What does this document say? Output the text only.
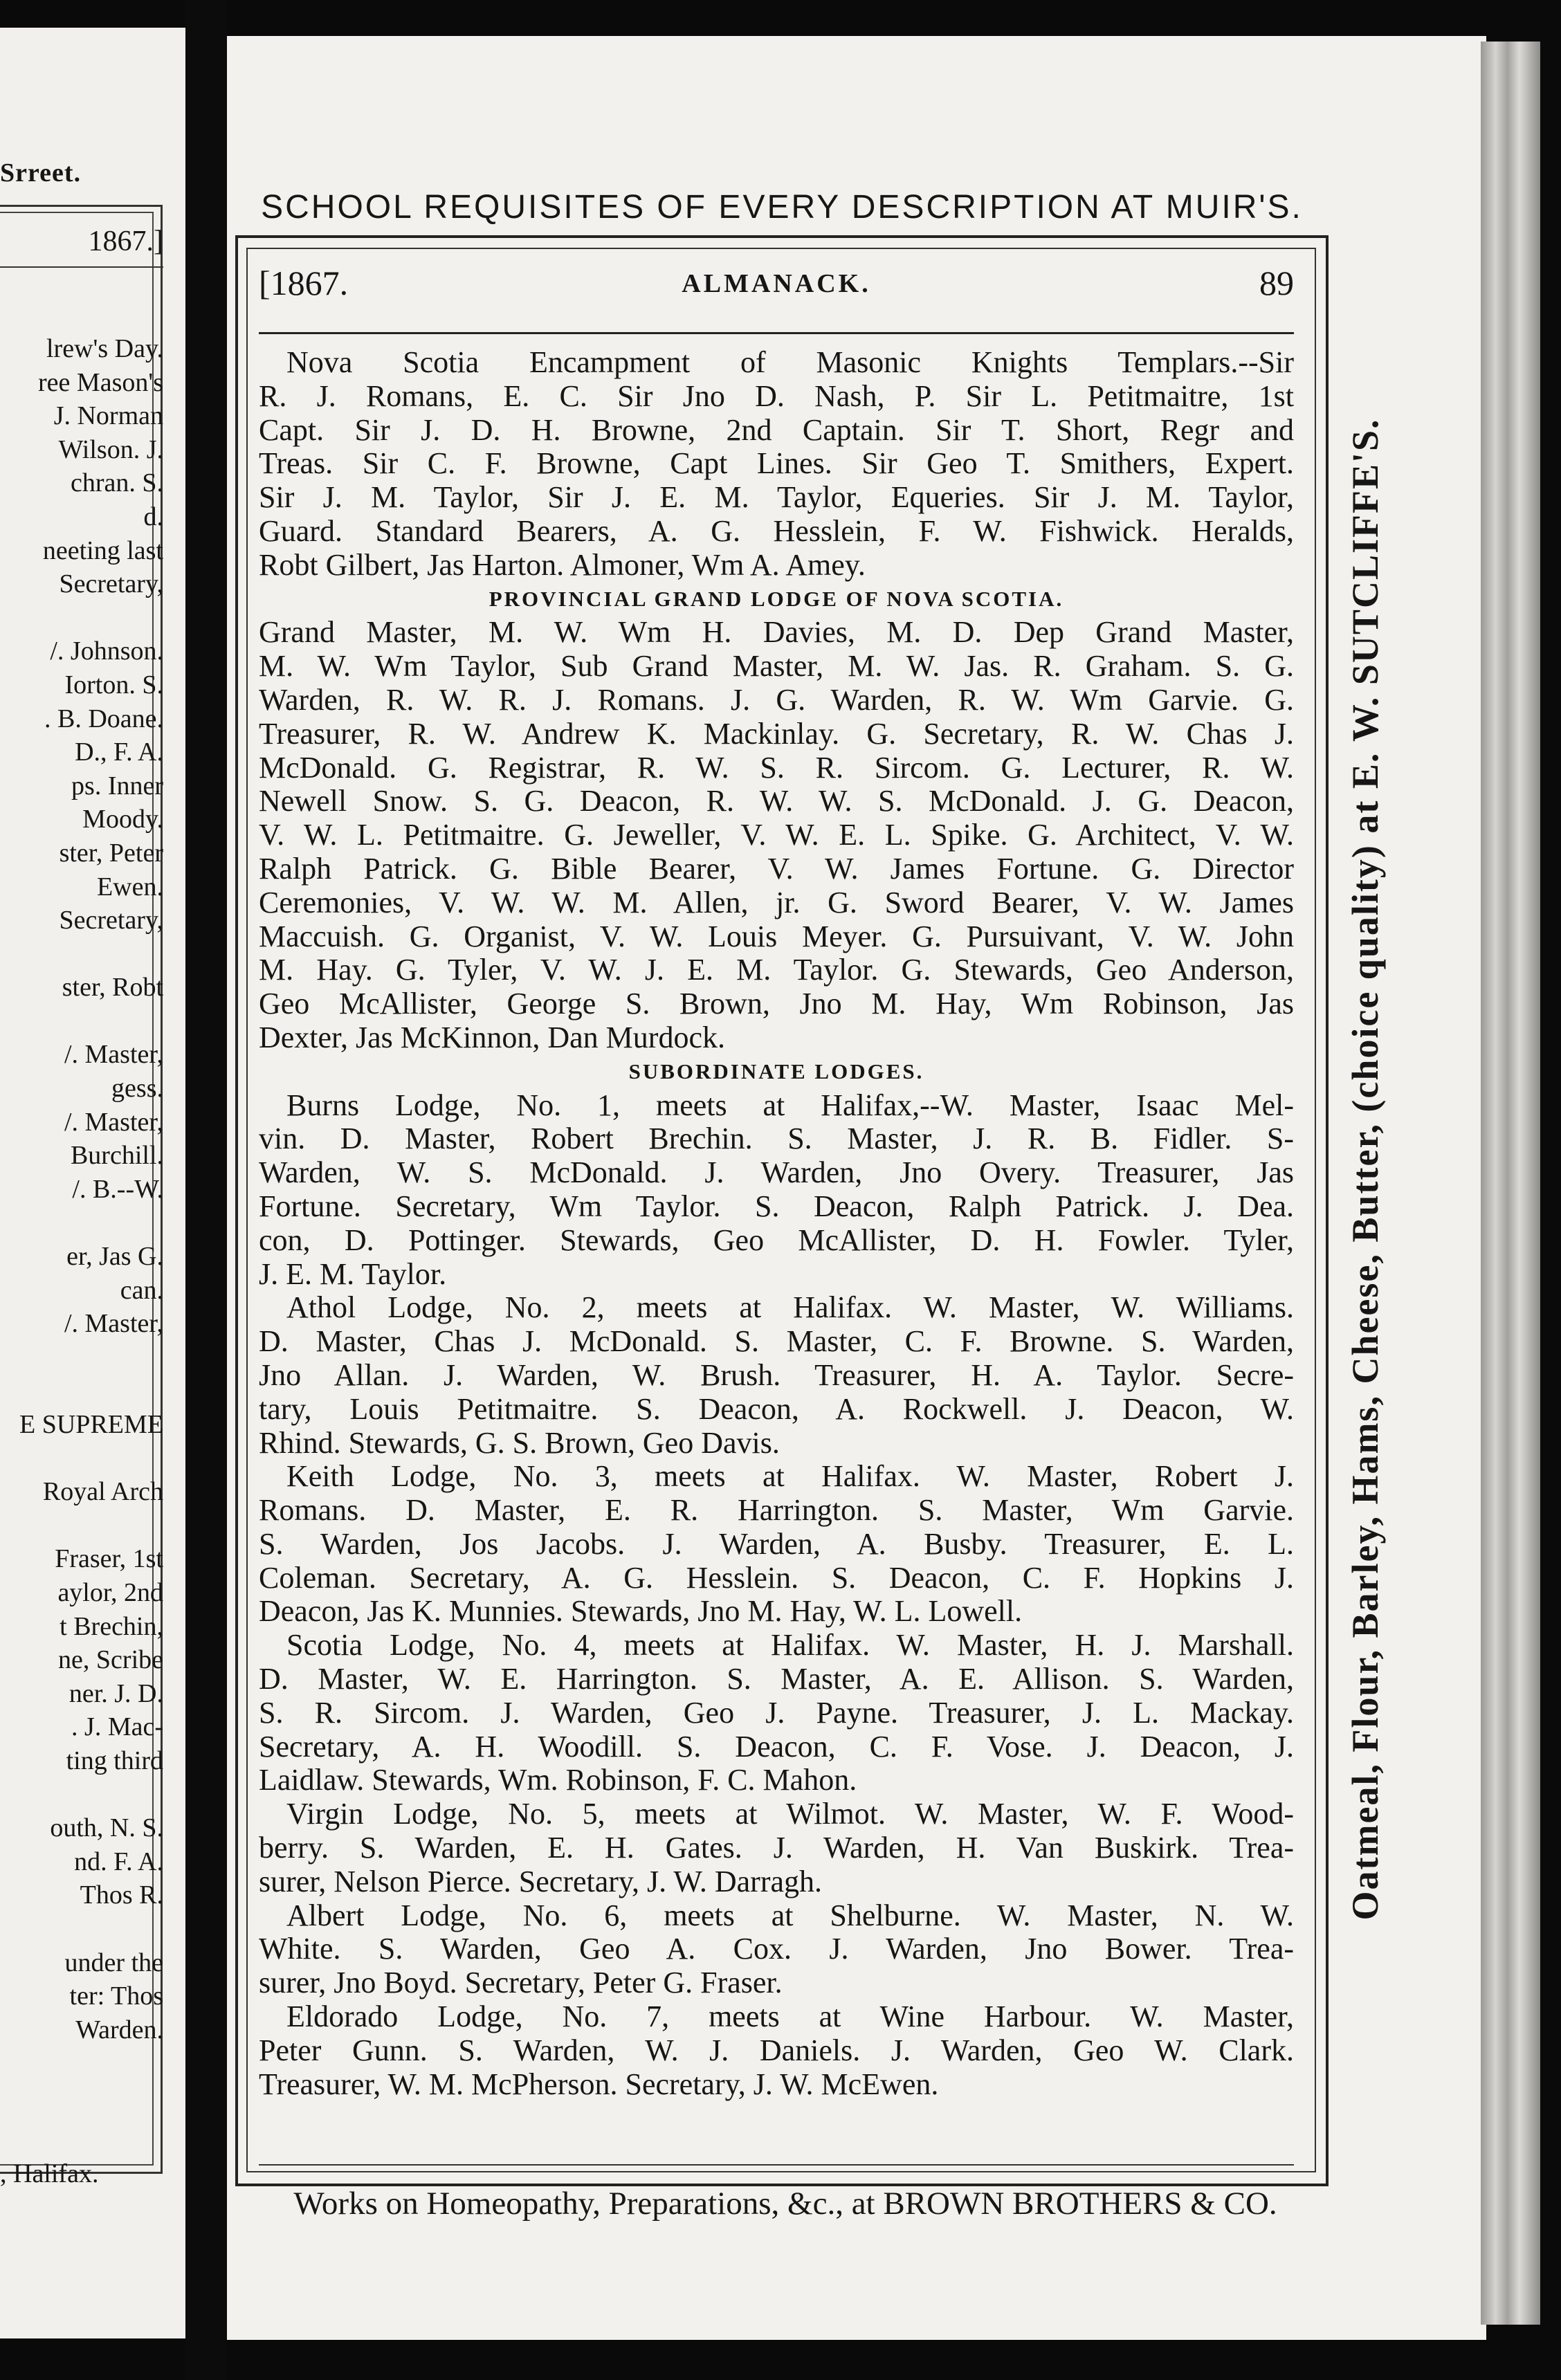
Srreet.
1867.]
lrew's Day.
ree Mason's
J. Norman
Wilson. J.
chran. S.
d.
neeting last
Secretary,

/. Johnson.
Iorton. S.
. B. Doane.
D., F. A.
ps. Inner
Moody.
ster, Peter
Ewen.
Secretary,

ster, Robt

/. Master,
gess.
/. Master,
Burchill.
/. B.--W.

er, Jas G.
can.
/. Master,

E SUPREME

Royal Arch

Fraser, 1st
aylor, 2nd
t Brechin,
ne, Scribe
ner. J. D.
. J. Mac-
ting third

outh, N. S.
nd. F. A.
Thos R.

under the
ter: Thos
Warden.
, Halifax.
SCHOOL REQUISITES OF EVERY DESCRIPTION AT MUIR'S.
Oatmeal, Flour, Barley, Hams, Cheese, Butter, (choice quality) at E. W. SUTCLIFFE'S.
[1867.	ALMANACK.	89
Nova Scotia Encampment of Masonic Knights Templars.--Sir
R. J. Romans, E. C. Sir Jno D. Nash, P. Sir L. Petitmaitre, 1st
Capt. Sir J. D. H. Browne, 2nd Captain. Sir T. Short, Regr and
Treas. Sir C. F. Browne, Capt Lines. Sir Geo T. Smithers, Expert.
Sir J. M. Taylor, Sir J. E. M. Taylor, Equeries. Sir J. M. Taylor,
Guard. Standard Bearers, A. G. Hesslein, F. W. Fishwick. Heralds,
Robt Gilbert, Jas Harton. Almoner, Wm A. Amey.
PROVINCIAL GRAND LODGE OF NOVA SCOTIA.
Grand Master, M. W. Wm H. Davies, M. D. Dep Grand Master,
M. W. Wm Taylor, Sub Grand Master, M. W. Jas. R. Graham. S. G.
Warden, R. W. R. J. Romans. J. G. Warden, R. W. Wm Garvie. G.
Treasurer, R. W. Andrew K. Mackinlay. G. Secretary, R. W. Chas J.
McDonald. G. Registrar, R. W. S. R. Sircom. G. Lecturer, R. W.
Newell Snow. S. G. Deacon, R. W. W. S. McDonald. J. G. Deacon,
V. W. L. Petitmaitre. G. Jeweller, V. W. E. L. Spike. G. Architect, V. W.
Ralph Patrick. G. Bible Bearer, V. W. James Fortune. G. Director
Ceremonies, V. W. W. M. Allen, jr. G. Sword Bearer, V. W. James
Maccuish. G. Organist, V. W. Louis Meyer. G. Pursuivant, V. W. John
M. Hay. G. Tyler, V. W. J. E. M. Taylor. G. Stewards, Geo Anderson,
Geo McAllister, George S. Brown, Jno M. Hay, Wm Robinson, Jas
Dexter, Jas McKinnon, Dan Murdock.
SUBORDINATE LODGES.
Burns Lodge, No. 1, meets at Halifax,--W. Master, Isaac Mel-
vin. D. Master, Robert Brechin. S. Master, J. R. B. Fidler. S-
Warden, W. S. McDonald. J. Warden, Jno Overy. Treasurer, Jas
Fortune. Secretary, Wm Taylor. S. Deacon, Ralph Patrick. J. Dea.
con, D. Pottinger. Stewards, Geo McAllister, D. H. Fowler. Tyler,
J. E. M. Taylor.
Athol Lodge, No. 2, meets at Halifax. W. Master, W. Williams.
D. Master, Chas J. McDonald. S. Master, C. F. Browne. S. Warden,
Jno Allan. J. Warden, W. Brush. Treasurer, H. A. Taylor. Secre-
tary, Louis Petitmaitre. S. Deacon, A. Rockwell. J. Deacon, W.
Rhind. Stewards, G. S. Brown, Geo Davis.
Keith Lodge, No. 3, meets at Halifax. W. Master, Robert J.
Romans. D. Master, E. R. Harrington. S. Master, Wm Garvie.
S. Warden, Jos Jacobs. J. Warden, A. Busby. Treasurer, E. L.
Coleman. Secretary, A. G. Hesslein. S. Deacon, C. F. Hopkins J.
Deacon, Jas K. Munnies. Stewards, Jno M. Hay, W. L. Lowell.
Scotia Lodge, No. 4, meets at Halifax. W. Master, H. J. Marshall.
D. Master, W. E. Harrington. S. Master, A. E. Allison. S. Warden,
S. R. Sircom. J. Warden, Geo J. Payne. Treasurer, J. L. Mackay.
Secretary, A. H. Woodill. S. Deacon, C. F. Vose. J. Deacon, J.
Laidlaw. Stewards, Wm. Robinson, F. C. Mahon.
Virgin Lodge, No. 5, meets at Wilmot. W. Master, W. F. Wood-
berry. S. Warden, E. H. Gates. J. Warden, H. Van Buskirk. Trea-
surer, Nelson Pierce. Secretary, J. W. Darragh.
Albert Lodge, No. 6, meets at Shelburne. W. Master, N. W.
White. S. Warden, Geo A. Cox. J. Warden, Jno Bower. Trea-
surer, Jno Boyd. Secretary, Peter G. Fraser.
Eldorado Lodge, No. 7, meets at Wine Harbour. W. Master,
Peter Gunn. S. Warden, W. J. Daniels. J. Warden, Geo W. Clark.
Treasurer, W. M. McPherson. Secretary, J. W. McEwen.
Works on Homeopathy, Preparations, &c., at BROWN BROTHERS & CO.
